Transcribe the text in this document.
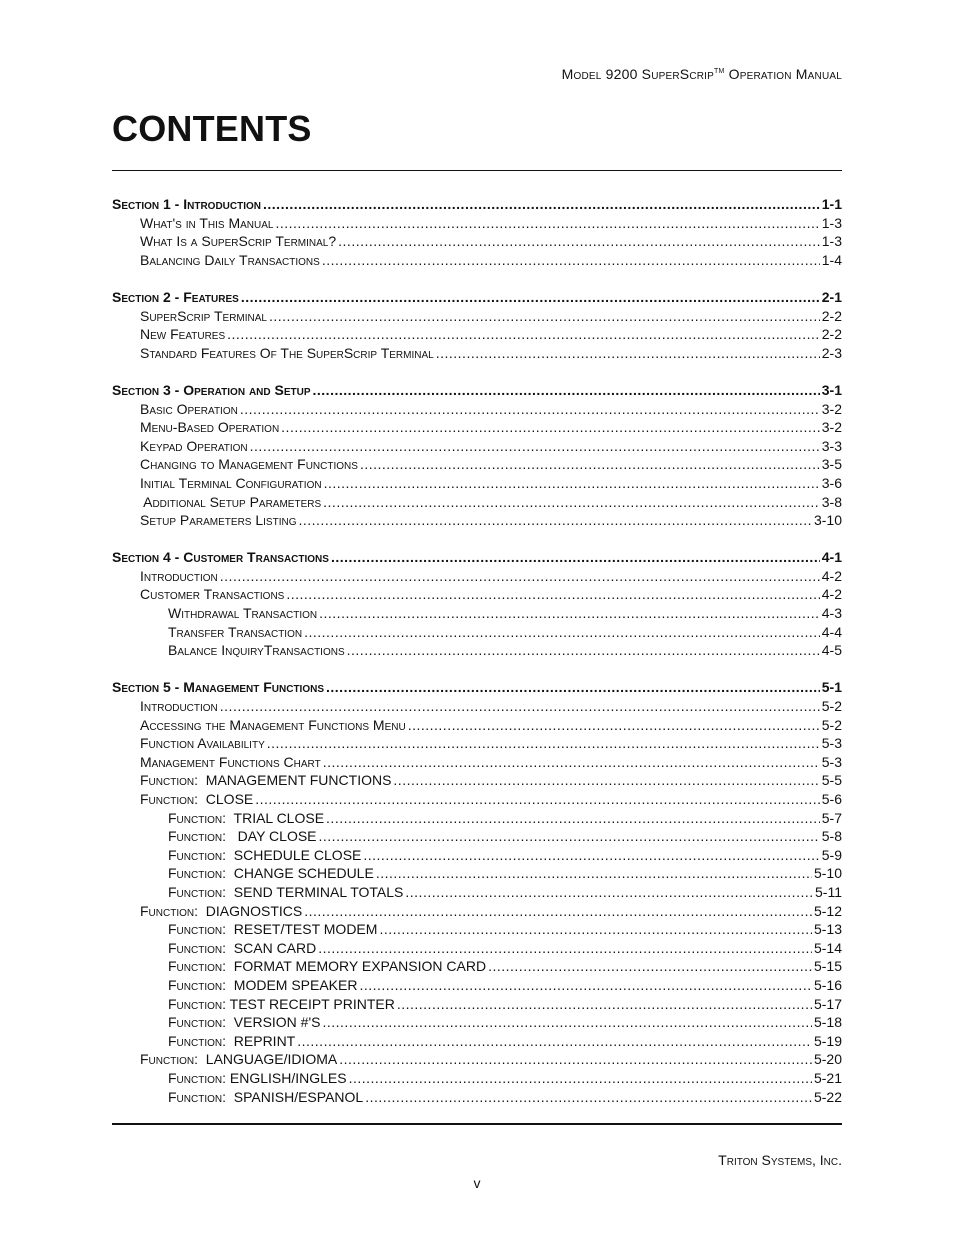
Model 9200 SuperScrip™ Operation Manual
CONTENTS
Section 1 - Introduction .....	1-1
What's in This Manual .....	1-3
What Is a SuperScrip Terminal? .....	1-3
Balancing Daily Transactions .....	1-4
Section 2 - Features .....	2-1
SuperScrip Terminal .....	2-2
New Features .....	2-2
Standard Features Of The SuperScrip Terminal .....	2-3
Section 3 - Operation and Setup .....	3-1
Basic Operation .....	3-2
Menu-Based Operation .....	3-2
Keypad Operation .....	3-3
Changing to Management Functions .....	3-5
Initial Terminal Configuration .....	3-6
Additional Setup Parameters .....	3-8
Setup Parameters Listing .....	3-10
Section 4 - Customer Transactions .....	4-1
Introduction .....	4-2
Customer Transactions .....	4-2
Withdrawal Transaction .....	4-3
Transfer Transaction .....	4-4
Balance InquiryTransactions .....	4-5
Section 5 - Management Functions .....	5-1
Introduction .....	5-2
Accessing the Management Functions Menu .....	5-2
Function Availability .....	5-3
Management Functions Chart .....	5-3
Function:  MANAGEMENT FUNCTIONS .....	5-5
Function:  CLOSE .....	5-6
Function:  TRIAL CLOSE .....	5-7
Function:   DAY CLOSE .....	5-8
Function:  SCHEDULE CLOSE .....	5-9
Function:  CHANGE SCHEDULE .....	5-10
Function:  SEND TERMINAL TOTALS .....	5-11
Function:  DIAGNOSTICS .....	5-12
Function:  RESET/TEST MODEM .....	5-13
Function:  SCAN CARD .....	5-14
Function:  FORMAT MEMORY EXPANSION CARD .....	5-15
Function:  MODEM SPEAKER .....	5-16
Function: TEST RECEIPT PRINTER .....	5-17
Function:  VERSION #'S .....	5-18
Function:  REPRINT .....	5-19
Function:  LANGUAGE/IDIOMA .....	5-20
Function: ENGLISH/INGLES .....	5-21
Function:  SPANISH/ESPANOL .....	5-22
Triton Systems, Inc.
v
